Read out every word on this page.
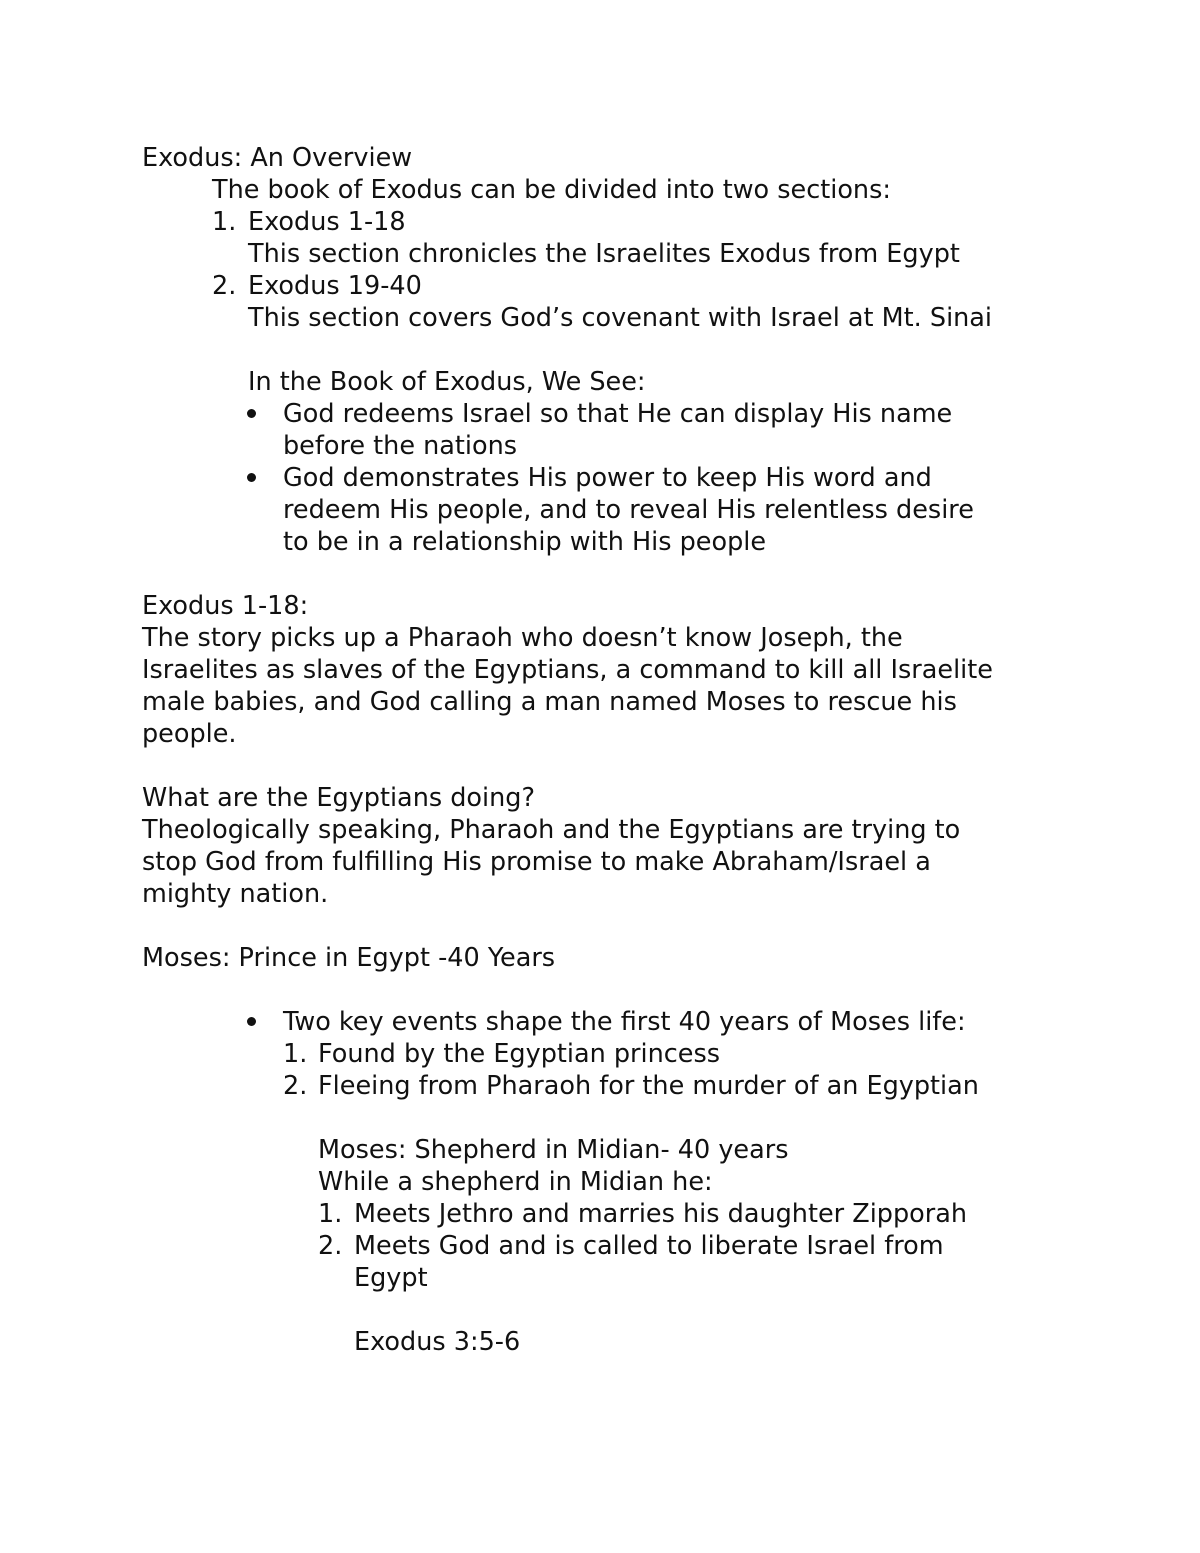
Exodus: An Overview

The book of Exodus can be divided into two sections:

1. Exodus 1-18

This section chronicles the Israelites Exodus from Egypt

2. Exodus 19-40

This section covers God’s covenant with Israel at Mt. Sinai

In the Book of Exodus, We See:

God redeems Israel so that He can display His name

before the nations

God demonstrates His power to keep His word and

redeem His people, and to reveal His relentless desire

to be in a relationship with His people

Exodus 1-18:

The story picks up a Pharaoh who doesn’t know Joseph, the

Israelites as slaves of the Egyptians, a command to kill all Israelite

male babies, and God calling a man named Moses to rescue his

people.

What are the Egyptians doing?

Theologically speaking, Pharaoh and the Egyptians are trying to

stop God from fulfilling His promise to make Abraham/Israel a

mighty nation.

Moses: Prince in Egypt -40 Years

Two key events shape the first 40 years of Moses life:

1. Found by the Egyptian princess

2. Fleeing from Pharaoh for the murder of an Egyptian

Moses: Shepherd in Midian- 40 years

While a shepherd in Midian he:

1. Meets Jethro and marries his daughter Zipporah

2. Meets God and is called to liberate Israel from

Egypt

Exodus 3:5-6
